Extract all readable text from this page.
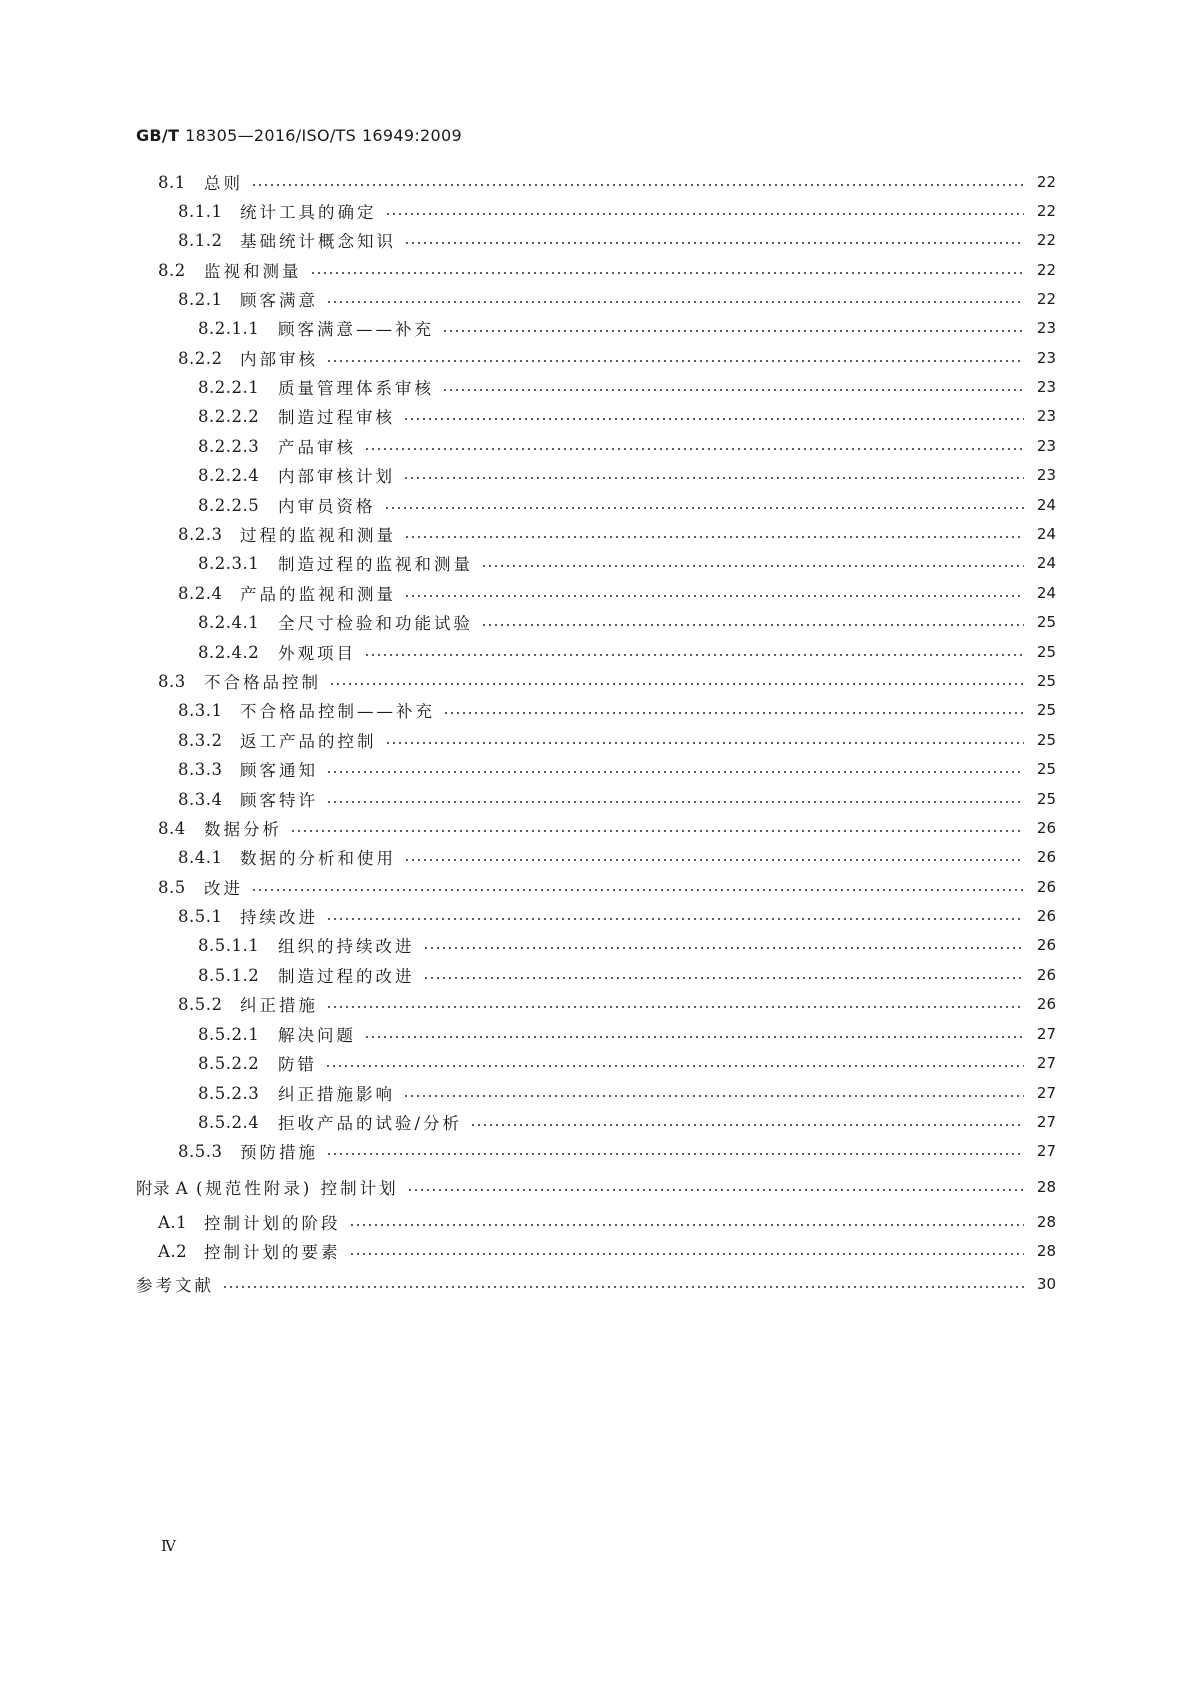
GB/T 18305—2016/ISO/TS 16949:2009
8.1	总则	22
8.1.1	统计工具的确定	22
8.1.2	基础统计概念知识	22
8.2	监视和测量	22
8.2.1	顾客满意	22
8.2.1.1	顾客满意——补充	23
8.2.2	内部审核	23
8.2.2.1	质量管理体系审核	23
8.2.2.2	制造过程审核	23
8.2.2.3	产品审核	23
8.2.2.4	内部审核计划	23
8.2.2.5	内审员资格	24
8.2.3	过程的监视和测量	24
8.2.3.1	制造过程的监视和测量	24
8.2.4	产品的监视和测量	24
8.2.4.1	全尺寸检验和功能试验	25
8.2.4.2	外观项目	25
8.3	不合格品控制	25
8.3.1	不合格品控制——补充	25
8.3.2	返工产品的控制	25
8.3.3	顾客通知	25
8.3.4	顾客特许	25
8.4	数据分析	26
8.4.1	数据的分析和使用	26
8.5	改进	26
8.5.1	持续改进	26
8.5.1.1	组织的持续改进	26
8.5.1.2	制造过程的改进	26
8.5.2	纠正措施	26
8.5.2.1	解决问题	27
8.5.2.2	防错	27
8.5.2.3	纠正措施影响	27
8.5.2.4	拒收产品的试验/分析	27
8.5.3	预防措施	27
附录 A (规范性附录) 控制计划	28
A.1	控制计划的阶段	28
A.2	控制计划的要素	28
参考文献	30
Ⅳ
